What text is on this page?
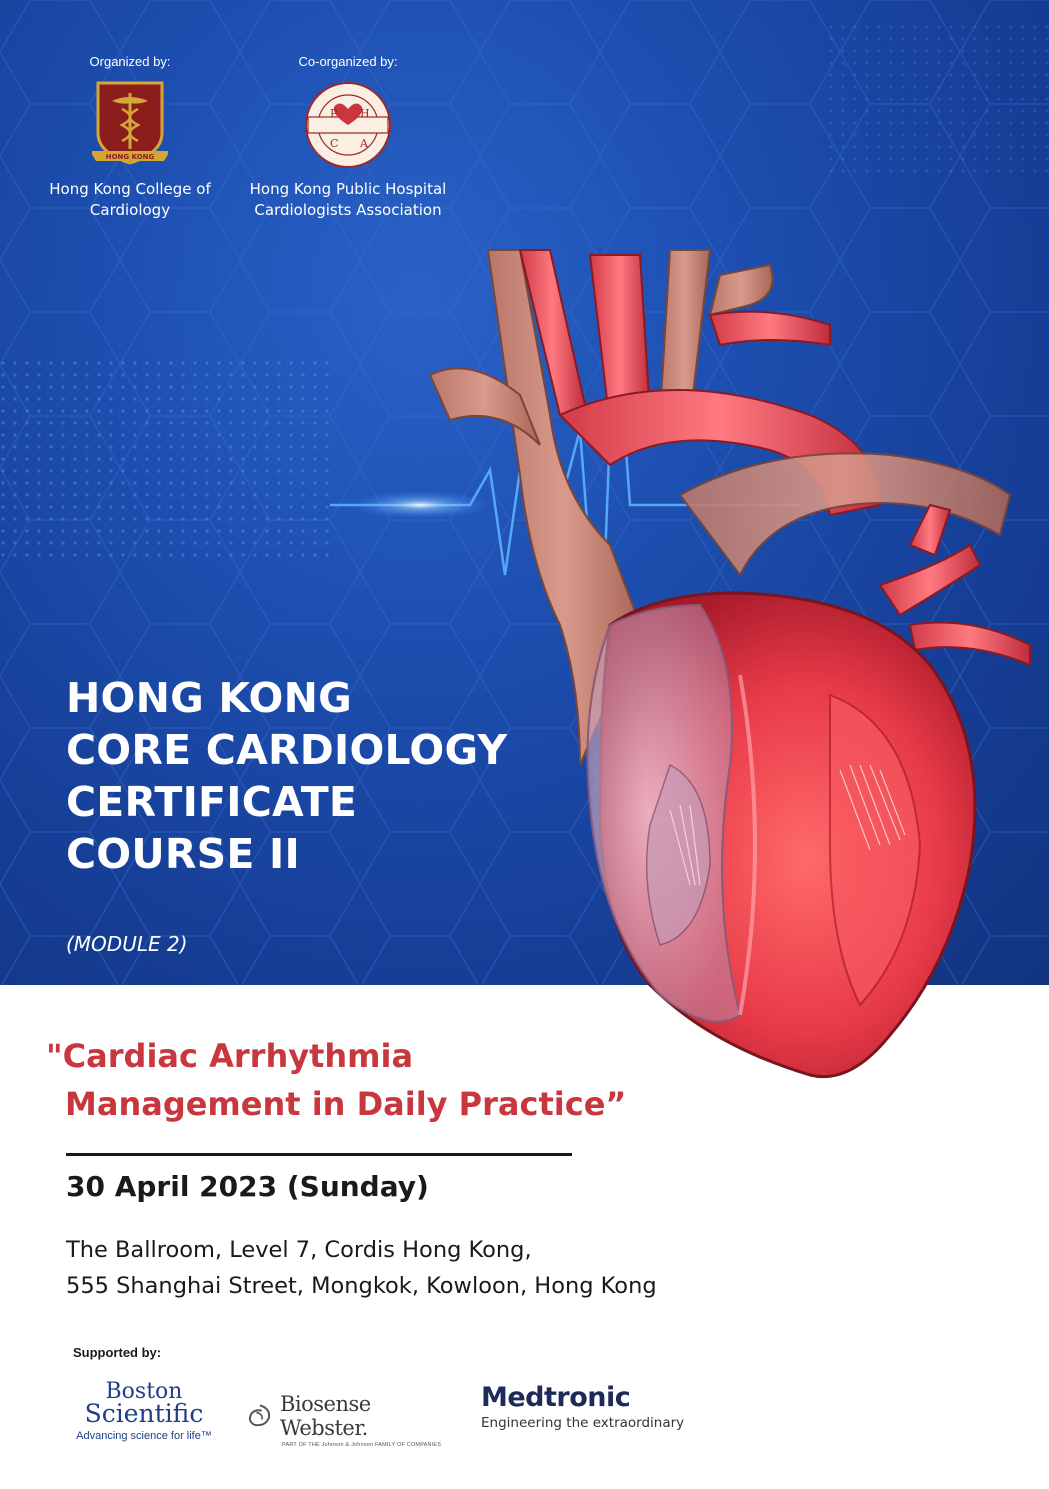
Organized by:
HONG KONG
Hong Kong College of
Cardiology
Co-organized by:
P H
C A
Hong Kong Public Hospital
Cardiologists Association
HONG KONG
CORE CARDIOLOGY
CERTIFICATE
COURSE II
(MODULE 2)
"Cardiac Arrhythmia
Management in Daily Practice”
30 April 2023 (Sunday)
The Ballroom, Level 7, Cordis Hong Kong,
555 Shanghai Street, Mongkok, Kowloon, Hong Kong
Supported by:
Boston
Scientific
Advancing science for life™
Biosense Webster.
PART OF THE Johnson & Johnson FAMILY OF COMPANIES
Medtronic
Engineering the extraordinary
